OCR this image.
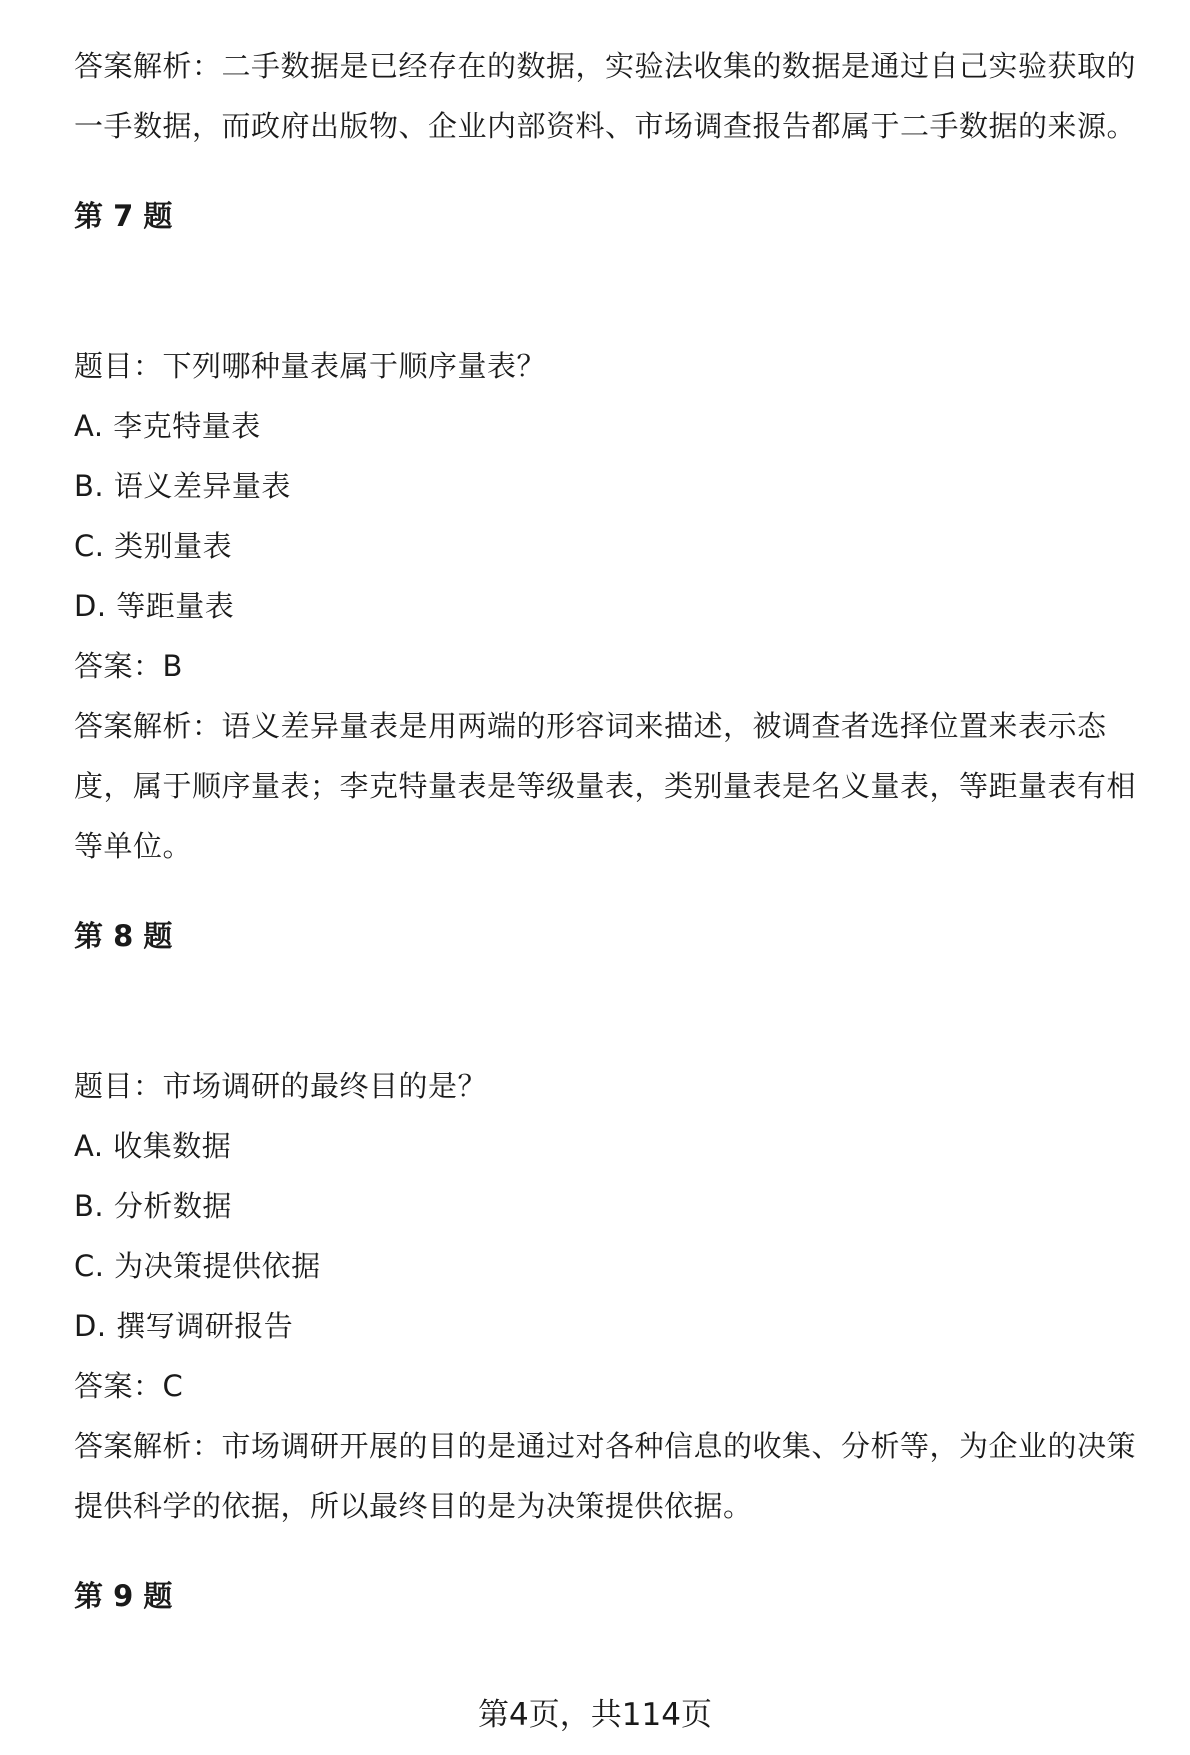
答案解析：二手数据是已经存在的数据，实验法收集的数据是通过自己实验获取的
一手数据，而政府出版物、企业内部资料、市场调查报告都属于二手数据的来源。

第 7 题

题目：下列哪种量表属于顺序量表？

A. 李克特量表

B. 语义差异量表

C. 类别量表

D. 等距量表

答案：B

答案解析：语义差异量表是用两端的形容词来描述，被调查者选择位置来表示态
度，属于顺序量表；李克特量表是等级量表，类别量表是名义量表，等距量表有相
等单位。

第 8 题

题目：市场调研的最终目的是？

A. 收集数据

B. 分析数据

C. 为决策提供依据

D. 撰写调研报告

答案：C

答案解析：市场调研开展的目的是通过对各种信息的收集、分析等，为企业的决策
提供科学的依据，所以最终目的是为决策提供依据。

第 9 题

第4页，共114页
